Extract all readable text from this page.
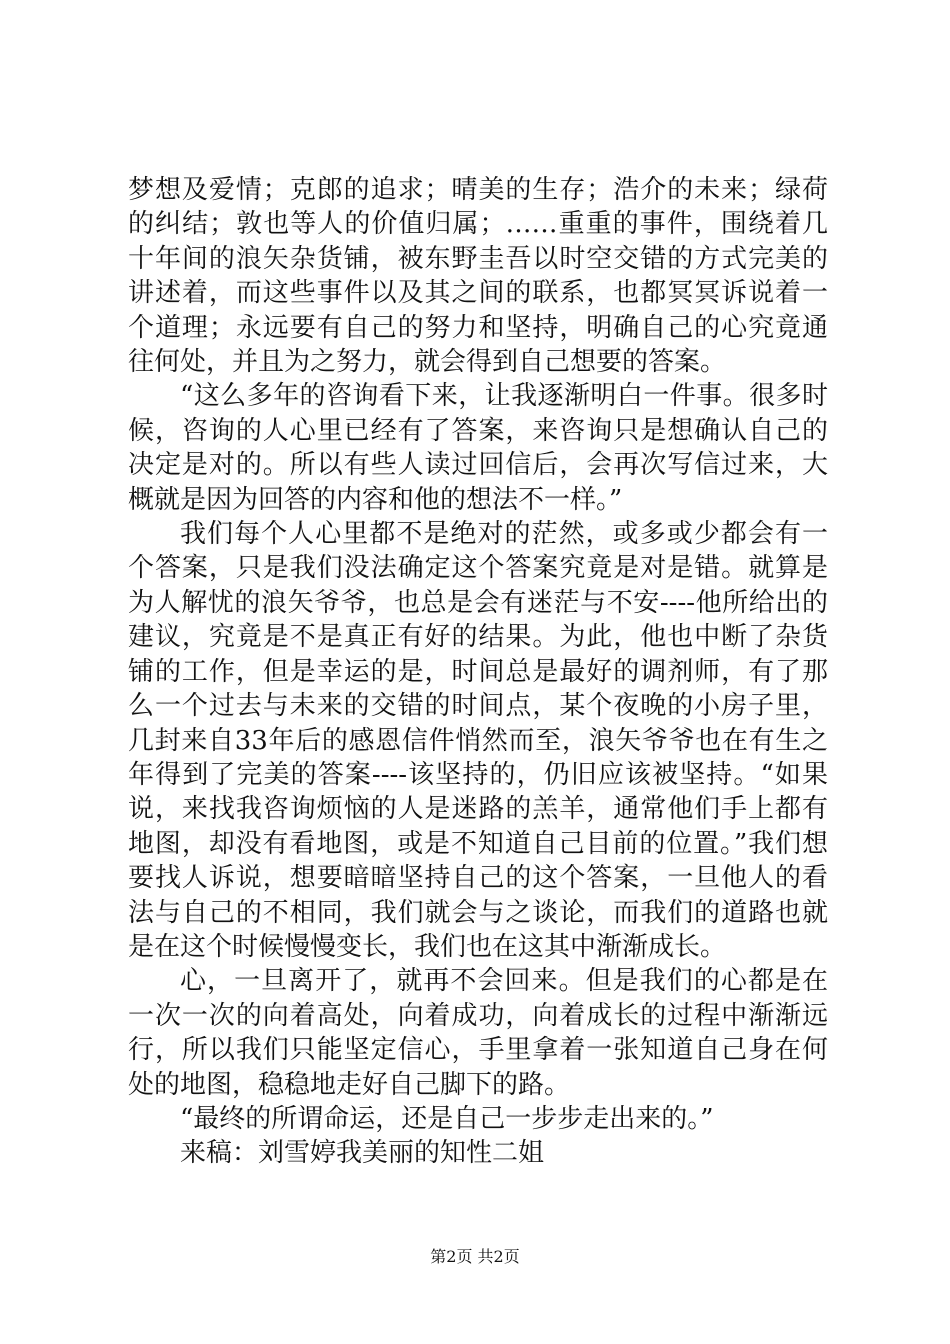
梦想及爱情；克郎的追求；晴美的生存；浩介的未来；绿荷的纠结；敦也等人的价值归属；……重重的事件，围绕着几十年间的浪矢杂货铺，被东野圭吾以时空交错的方式完美的讲述着，而这些事件以及其之间的联系，也都冥冥诉说着一个道理；永远要有自己的努力和坚持，明确自己的心究竟通往何处，并且为之努力，就会得到自己想要的答案。

“这么多年的咨询看下来，让我逐渐明白一件事。很多时候，咨询的人心里已经有了答案，来咨询只是想确认自己的决定是对的。所以有些人读过回信后，会再次写信过来，大概就是因为回答的内容和他的想法不一样。”

我们每个人心里都不是绝对的茫然，或多或少都会有一个答案，只是我们没法确定这个答案究竟是对是错。就算是为人解忧的浪矢爷爷，也总是会有迷茫与不安----他所给出的建议，究竟是不是真正有好的结果。为此，他也中断了杂货铺的工作，但是幸运的是，时间总是最好的调剂师，有了那么一个过去与未来的交错的时间点，某个夜晚的小房子里，几封来自33年后的感恩信件悄然而至，浪矢爷爷也在有生之年得到了完美的答案----该坚持的，仍旧应该被坚持。“如果说，来找我咨询烦恼的人是迷路的羔羊，通常他们手上都有地图，却没有看地图，或是不知道自己目前的位置。”我们想要找人诉说，想要暗暗坚持自己的这个答案，一旦他人的看法与自己的不相同，我们就会与之谈论，而我们的道路也就是在这个时候慢慢变长，我们也在这其中渐渐成长。

心，一旦离开了，就再不会回来。但是我们的心都是在一次一次的向着高处，向着成功，向着成长的过程中渐渐远行，所以我们只能坚定信心，手里拿着一张知道自己身在何处的地图，稳稳地走好自己脚下的路。

“最终的所谓命运，还是自己一步步走出来的。”

来稿：刘雪婷我美丽的知性二姐

第2页 共2页
